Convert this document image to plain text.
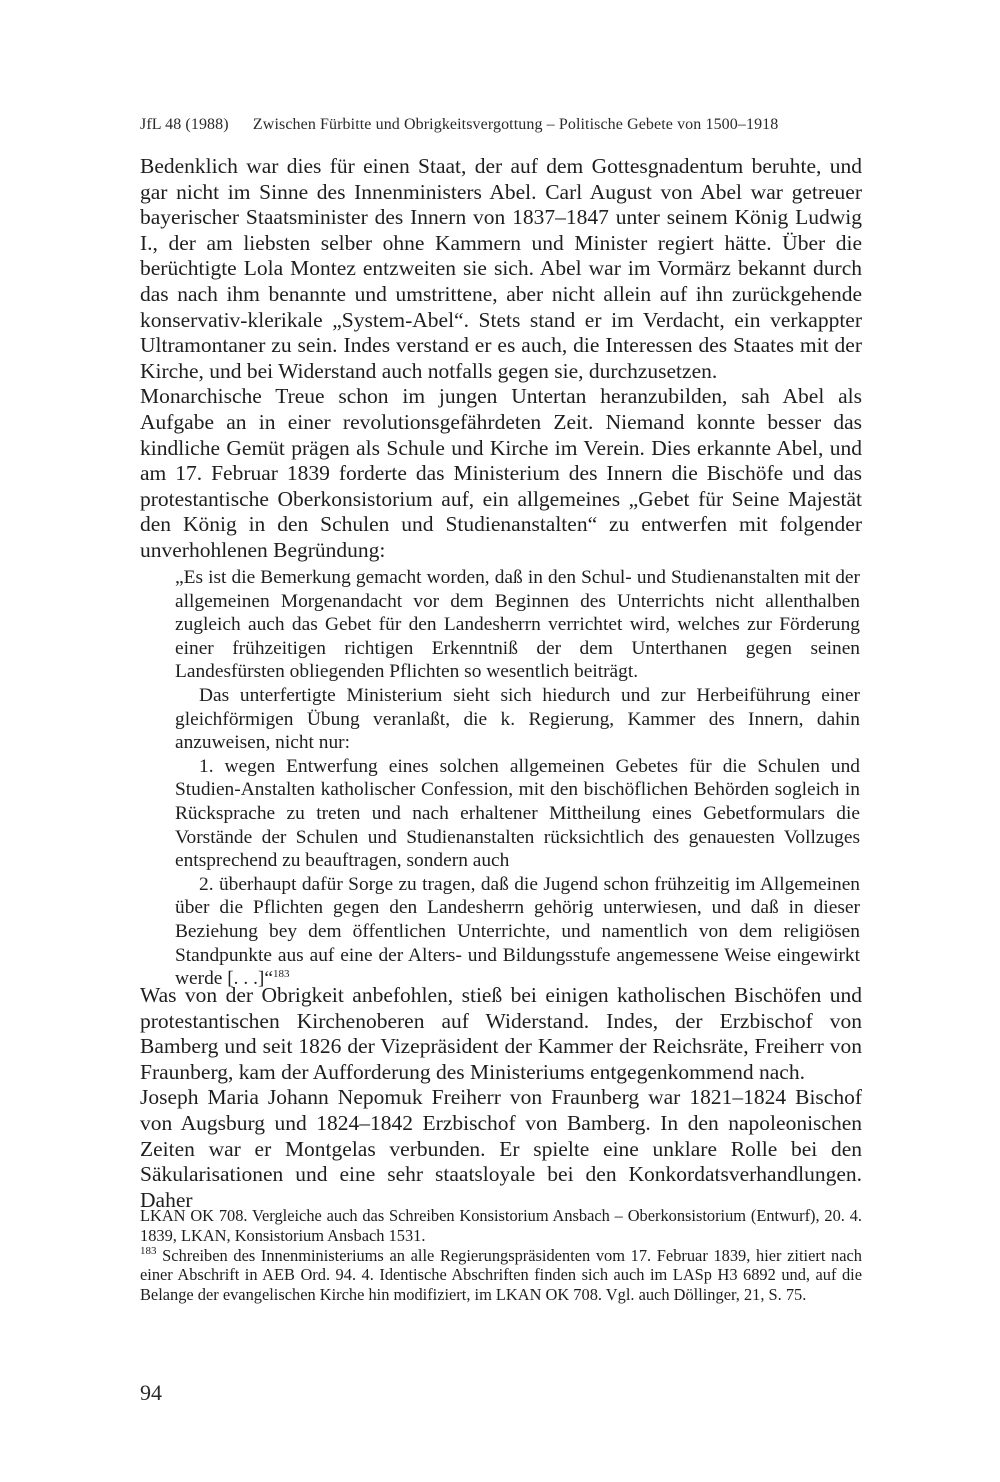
JfL 48 (1988) Zwischen Fürbitte und Obrigkeitsvergottung – Politische Gebete von 1500–1918

Bedenklich war dies für einen Staat, der auf dem Gottesgnadentum beruhte, und gar nicht im Sinne des Innenministers Abel. Carl August von Abel war getreuer bayerischer Staatsminister des Innern von 1837–1847 unter seinem König Ludwig I., der am liebsten selber ohne Kammern und Minister regiert hätte. Über die berüchtigte Lola Montez entzweiten sie sich. Abel war im Vormärz bekannt durch das nach ihm benannte und umstrittene, aber nicht allein auf ihn zurückgehende konservativ-klerikale „System-Abel“. Stets stand er im Verdacht, ein verkappter Ultramontaner zu sein. Indes verstand er es auch, die Interessen des Staates mit der Kirche, und bei Widerstand auch notfalls gegen sie, durchzusetzen.

Monarchische Treue schon im jungen Untertan heranzubilden, sah Abel als Aufgabe an in einer revolutionsgefährdeten Zeit. Niemand konnte besser das kindliche Gemüt prägen als Schule und Kirche im Verein. Dies erkannte Abel, und am 17. Februar 1839 forderte das Ministerium des Innern die Bischöfe und das protestantische Oberkonsistorium auf, ein allgemeines „Gebet für Seine Majestät den König in den Schulen und Studienanstalten“ zu entwerfen mit folgender unverhohlenen Begründung:

„Es ist die Bemerkung gemacht worden, daß in den Schul- und Studienanstalten mit der allgemeinen Morgenandacht vor dem Beginnen des Unterrichts nicht allenthalben zugleich auch das Gebet für den Landesherrn verrichtet wird, welches zur Förderung einer frühzeitigen richtigen Erkenntniß der dem Unterthanen gegen seinen Landesfürsten obliegenden Pflichten so wesentlich beiträgt.

Das unterfertigte Ministerium sieht sich hiedurch und zur Herbeiführung einer gleichförmigen Übung veranlaßt, die k. Regierung, Kammer des Innern, dahin anzuweisen, nicht nur:

1. wegen Entwerfung eines solchen allgemeinen Gebetes für die Schulen und Studien-Anstalten katholischer Confession, mit den bischöflichen Behörden sogleich in Rücksprache zu treten und nach erhaltener Mittheilung eines Gebetformulars die Vorstände der Schulen und Studienanstalten rücksichtlich des genauesten Vollzuges entsprechend zu beauftragen, sondern auch

2. überhaupt dafür Sorge zu tragen, daß die Jugend schon frühzeitig im Allgemeinen über die Pflichten gegen den Landesherrn gehörig unterwiesen, und daß in dieser Beziehung bey dem öffentlichen Unterrichte, und namentlich von dem religiösen Standpunkte aus auf eine der Alters- und Bildungsstufe angemessene Weise eingewirkt werde [. . .]“$^{183}$

Was von der Obrigkeit anbefohlen, stieß bei einigen katholischen Bischöfen und protestantischen Kirchenoberen auf Widerstand. Indes, der Erzbischof von Bamberg und seit 1826 der Vizepräsident der Kammer der Reichsräte, Freiherr von Fraunberg, kam der Aufforderung des Ministeriums entgegenkommend nach.

Joseph Maria Johann Nepomuk Freiherr von Fraunberg war 1821–1824 Bischof von Augsburg und 1824–1842 Erzbischof von Bamberg. In den napoleonischen Zeiten war er Montgelas verbunden. Er spielte eine unklare Rolle bei den Säkularisationen und eine sehr staatsloyale bei den Konkordatsverhandlungen. Daher

LKAN OK 708. Vergleiche auch das Schreiben Konsistorium Ansbach – Oberkonsistorium (Entwurf), 20. 4. 1839, LKAN, Konsistorium Ansbach 1531.

$^{183}$ Schreiben des Innenministeriums an alle Regierungspräsidenten vom 17. Februar 1839, hier zitiert nach einer Abschrift in AEB Ord. 94. 4. Identische Abschriften finden sich auch im LASp H3 6892 und, auf die Belange der evangelischen Kirche hin modifiziert, im LKAN OK 708. Vgl. auch Döllinger, 21, S. 75.

94
